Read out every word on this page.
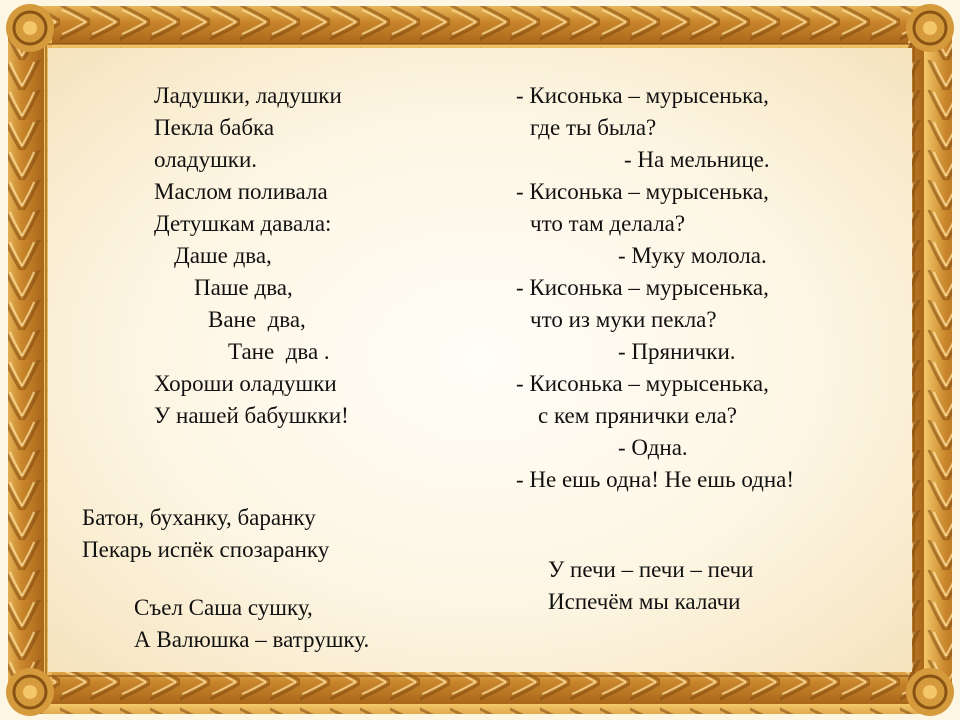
Ладушки, ладушки
Пекла бабка
оладушки.
Маслом поливала
Детушкам давала:
Даше два,
Паше два,
Ване  два,
Тане  два .
Хороши оладушки
У нашей бабушкки!
- Кисонька – мурысенька,
где ты была?
- На мельнице.
- Кисонька – мурысенька,
что там делала?
- Муку молола.
- Кисонька – мурысенька,
что из муки пекла?
- Прянички.
- Кисонька – мурысенька,
с кем прянички ела?
- Одна.
- Не ешь одна! Не ешь одна!
Батон, буханку, баранку
Пекарь испёк спозаранку
Съел Саша сушку,
А Валюшка – ватрушку.
У печи – печи – печи
Испечём мы калачи
